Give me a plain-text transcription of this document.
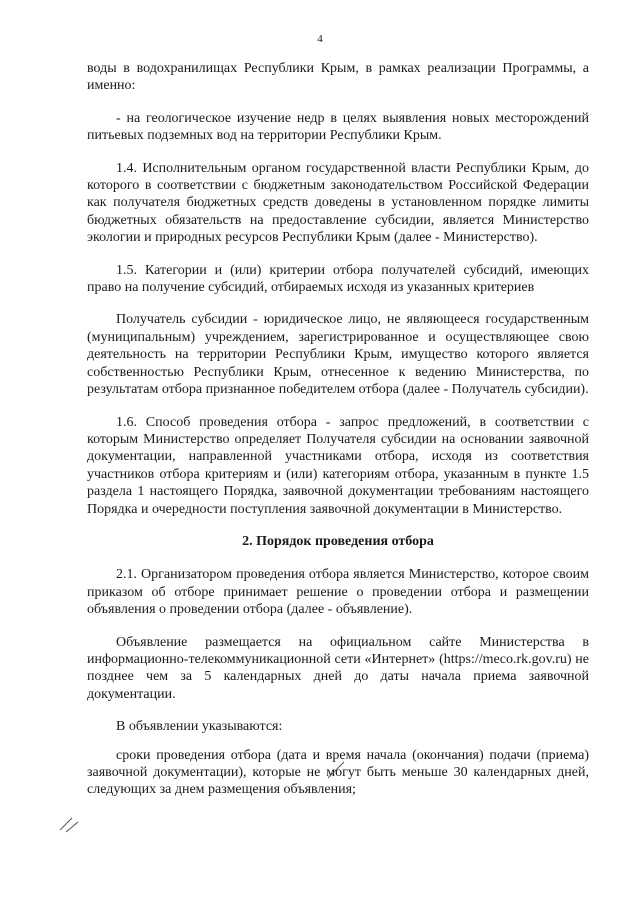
4

воды в водохранилищах Республики Крым, в рамках реализации Программы, а именно:

- на геологическое изучение недр в целях выявления новых месторождений питьевых подземных вод на территории Республики Крым.

1.4. Исполнительным органом государственной власти Республики Крым, до которого в соответствии с бюджетным законодательством Российской Федерации как получателя бюджетных средств доведены в установленном порядке лимиты бюджетных обязательств на предоставление субсидии, является Министерство экологии и природных ресурсов Республики Крым (далее - Министерство).

1.5. Категории и (или) критерии отбора получателей субсидий, имеющих право на получение субсидий, отбираемых исходя из указанных критериев

Получатель субсидии - юридическое лицо, не являющееся государственным (муниципальным) учреждением, зарегистрированное и осуществляющее свою деятельность на территории Республики Крым, имущество которого является собственностью Республики Крым, отнесенное к ведению Министерства, по результатам отбора признанное победителем отбора (далее - Получатель субсидии).

1.6. Способ проведения отбора - запрос предложений, в соответствии с которым Министерство определяет Получателя субсидии на основании заявочной документации, направленной участниками отбора, исходя из соответствия участников отбора критериям и (или) категориям отбора, указанным в пункте 1.5 раздела 1 настоящего Порядка, заявочной документации требованиям настоящего Порядка и очередности поступления заявочной документации в Министерство.

2. Порядок проведения отбора

2.1. Организатором проведения отбора является Министерство, которое своим приказом об отборе принимает решение о проведении отбора и размещении объявления о проведении отбора (далее - объявление).

Объявление размещается на официальном сайте Министерства в информационно-телекоммуникационной сети «Интернет» (https://meco.rk.gov.ru) не позднее чем за 5 календарных дней до даты начала приема заявочной документации.

В объявлении указываются:

сроки проведения отбора (дата и время начала (окончания) подачи (приема) заявочной документации), которые не могут быть меньше 30 календарных дней, следующих за днем размещения объявления;
